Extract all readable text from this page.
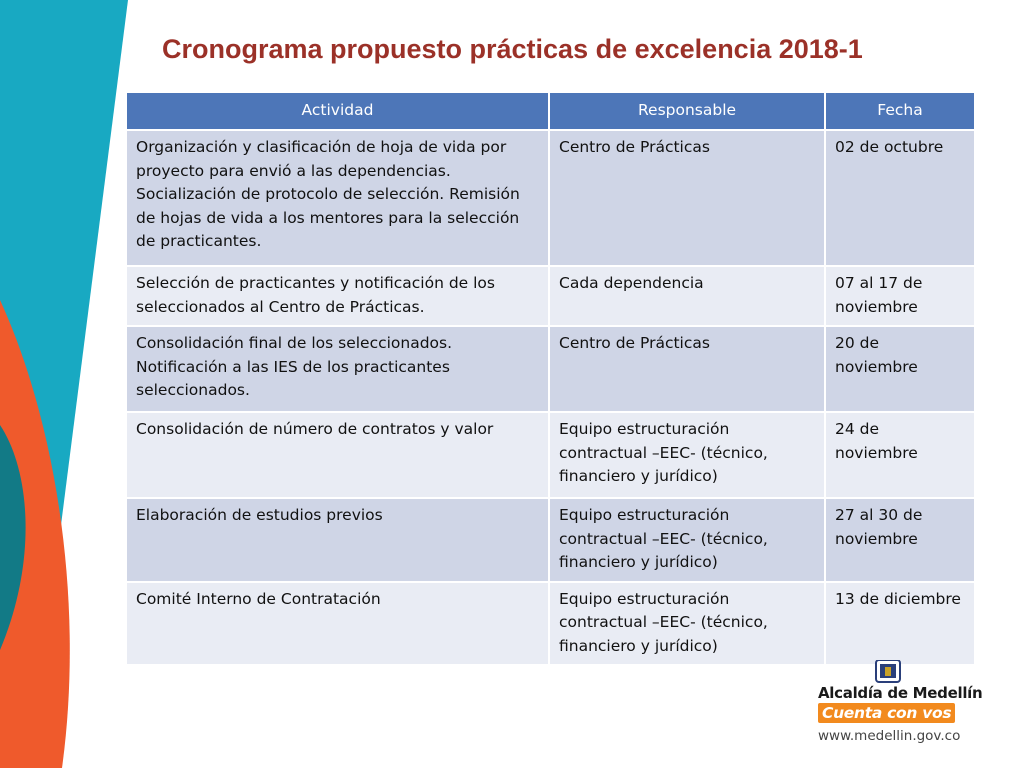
Cronograma propuesto prácticas de excelencia 2018-1
Actividad	Responsable	Fecha
Organización y clasificación de hoja de vida por proyecto para envió a las dependencias. Socialización de protocolo de selección. Remisión de hojas de vida a los mentores para la selección de practicantes.	Centro de Prácticas	02 de octubre
Selección de practicantes y notificación de los seleccionados al Centro de Prácticas.	Cada dependencia	07 al 17 de noviembre
Consolidación final de los seleccionados. Notificación a las IES de los practicantes seleccionados.	Centro de Prácticas	20 de noviembre
Consolidación de número de contratos y valor	Equipo estructuración contractual –EEC- (técnico, financiero y jurídico)	24 de noviembre
Elaboración de estudios previos	Equipo estructuración contractual –EEC- (técnico, financiero y jurídico)	27 al 30 de noviembre
Comité Interno de Contratación	Equipo estructuración contractual –EEC- (técnico, financiero y jurídico)	13 de diciembre
Alcaldía de Medellín
Cuenta con vos
www.medellin.gov.co
